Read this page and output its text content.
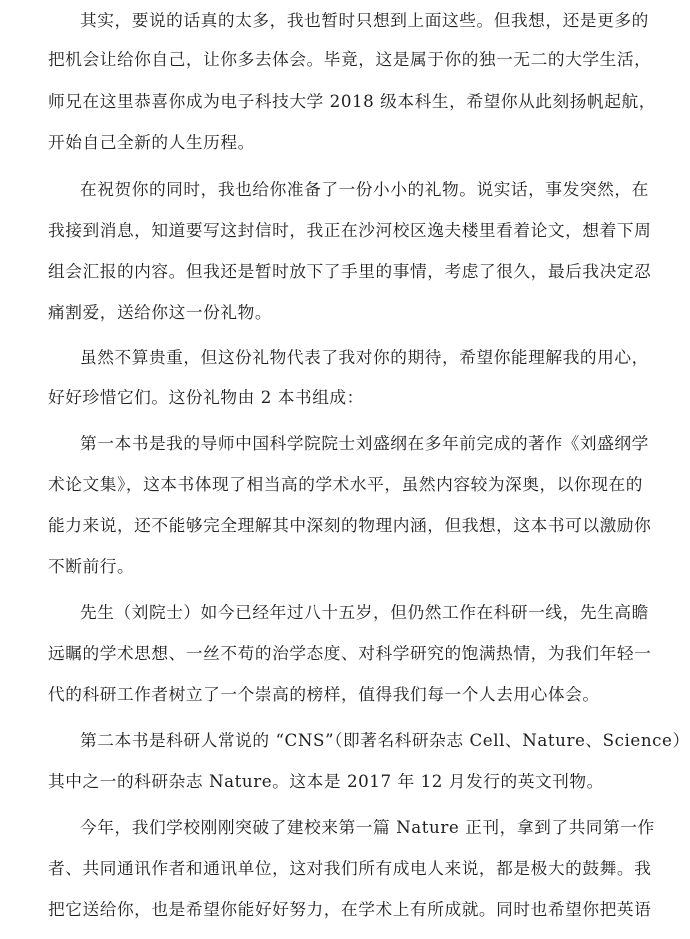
其实，要说的话真的太多，我也暂时只想到上面这些。但我想，还是更多的
把机会让给你自己，让你多去体会。毕竟，这是属于你的独一无二的大学生活，
师兄在这里恭喜你成为电子科技大学 2018 级本科生，希望你从此刻扬帆起航，
开始自己全新的人生历程。
在祝贺你的同时，我也给你准备了一份小小的礼物。说实话，事发突然，在
我接到消息，知道要写这封信时，我正在沙河校区逸夫楼里看着论文，想着下周
组会汇报的内容。但我还是暂时放下了手里的事情，考虑了很久，最后我决定忍
痛割爱，送给你这一份礼物。
虽然不算贵重，但这份礼物代表了我对你的期待，希望你能理解我的用心，
好好珍惜它们。这份礼物由 2 本书组成：
第一本书是我的导师中国科学院院士刘盛纲在多年前完成的著作《刘盛纲学
术论文集》，这本书体现了相当高的学术水平，虽然内容较为深奥，以你现在的
能力来说，还不能够完全理解其中深刻的物理内涵，但我想，这本书可以激励你
不断前行。
先生（刘院士）如今已经年过八十五岁，但仍然工作在科研一线，先生高瞻
远瞩的学术思想、一丝不苟的治学态度、对科学研究的饱满热情，为我们年轻一
代的科研工作者树立了一个崇高的榜样，值得我们每一个人去用心体会。
第二本书是科研人常说的 “CNS”（即著名科研杂志 Cell、Nature、Science）
其中之一的科研杂志 Nature。这本是 2017 年 12 月发行的英文刊物。
今年，我们学校刚刚突破了建校来第一篇 Nature 正刊，拿到了共同第一作
者、共同通讯作者和通讯单位，这对我们所有成电人来说，都是极大的鼓舞。我
把它送给你，也是希望你能好好努力，在学术上有所成就。同时也希望你把英语
